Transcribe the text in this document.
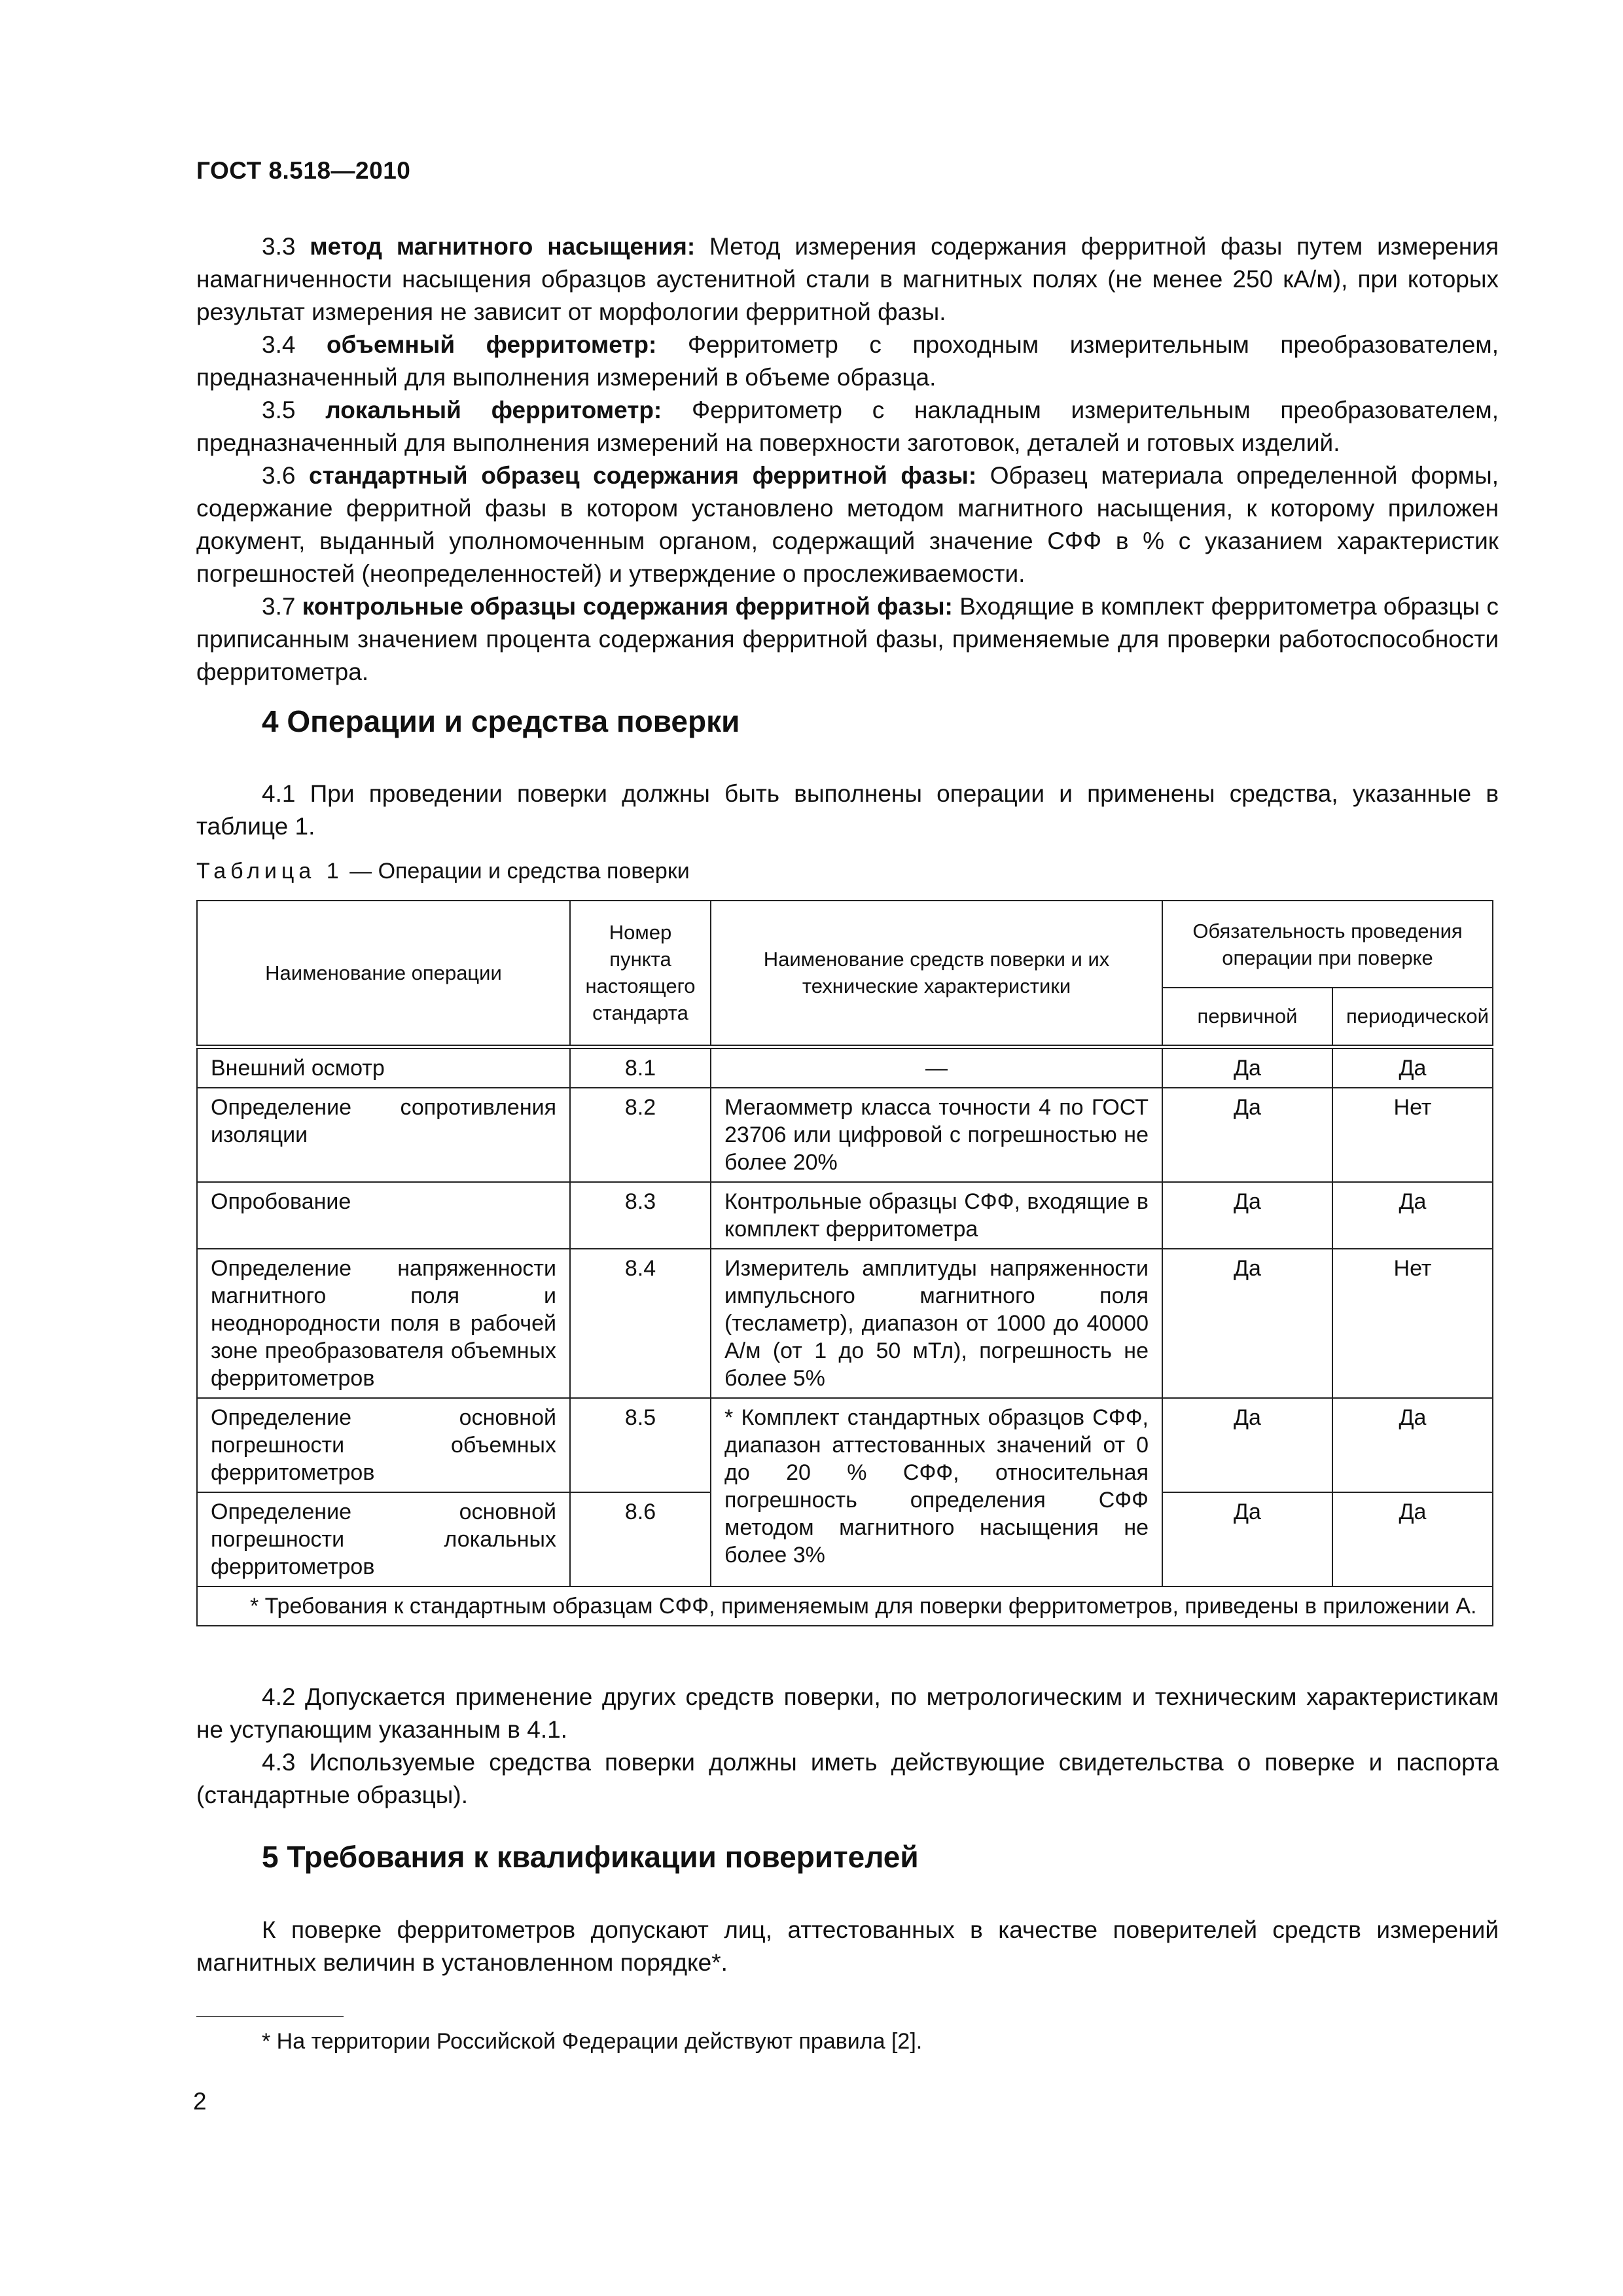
ГОСТ 8.518—2010

3.3 метод магнитного насыщения: Метод измерения содержания ферритной фазы путем измерения намагниченности насыщения образцов аустенитной стали в магнитных полях (не менее 250 кА/м), при которых результат измерения не зависит от морфологии ферритной фазы.

3.4 объемный ферритометр: Ферритометр с проходным измерительным преобразователем, предназначенный для выполнения измерений в объеме образца.

3.5 локальный ферритометр: Ферритометр с накладным измерительным преобразователем, предназначенный для выполнения измерений на поверхности заготовок, деталей и готовых изделий.

3.6 стандартный образец содержания ферритной фазы: Образец материала определенной формы, содержание ферритной фазы в котором установлено методом магнитного насыщения, к которому приложен документ, выданный уполномоченным органом, содержащий значение СФФ в % с указанием характеристик погрешностей (неопределенностей) и утверждение о прослеживаемости.

3.7 контрольные образцы содержания ферритной фазы: Входящие в комплект ферритометра образцы с приписанным значением процента содержания ферритной фазы, применяемые для проверки работоспособности ферритометра.

4 Операции и средства поверки

4.1 При проведении поверки должны быть выполнены операции и применены средства, указанные в таблице 1.

Таблица 1 — Операции и средства поверки
Наименование операции	Номер пункта настоящего стандарта	Наименование средств поверки и их технические характеристики	Обязательность проведения операции при поверке	
			первичной	периодической
Внешний осмотр	8.1	—	Да	Да
Определение сопротивления изоляции	8.2	Мегаомметр класса точности 4 по ГОСТ 23706 или цифровой с погрешностью не более 20%	Да	Нет
Опробование	8.3	Контрольные образцы СФФ, входящие в комплект ферритометра	Да	Да
Определение напряженности магнитного поля и неоднородности поля в рабочей зоне преобразователя объемных ферритометров	8.4	Измеритель амплитуды напряженности импульсного магнитного поля (тесламетр), диапазон от 1000 до 40000 А/м (от 1 до 50 мТл), погрешность не более 5%	Да	Нет
Определение основной погрешности объемных ферритометров	8.5	* Комплект стандартных образцов СФФ, диапазон аттестованных значений от 0 до 20 % СФФ, относительная погрешность определения СФФ методом магнитного насыщения не более 3%	Да	Да
Определение основной погрешности локальных ферритометров	8.6		Да	Да
* Требования к стандартным образцам СФФ, применяемым для поверки ферритометров, приведены в приложении А.				

4.2 Допускается применение других средств поверки, по метрологическим и техническим характеристикам не уступающим указанным в 4.1.

4.3 Используемые средства поверки должны иметь действующие свидетельства о поверке и паспорта (стандартные образцы).

5 Требования к квалификации поверителей

К поверке ферритометров допускают лиц, аттестованных в качестве поверителей средств измерений магнитных величин в установленном порядке*.

* На территории Российской Федерации действуют правила [2].
2
